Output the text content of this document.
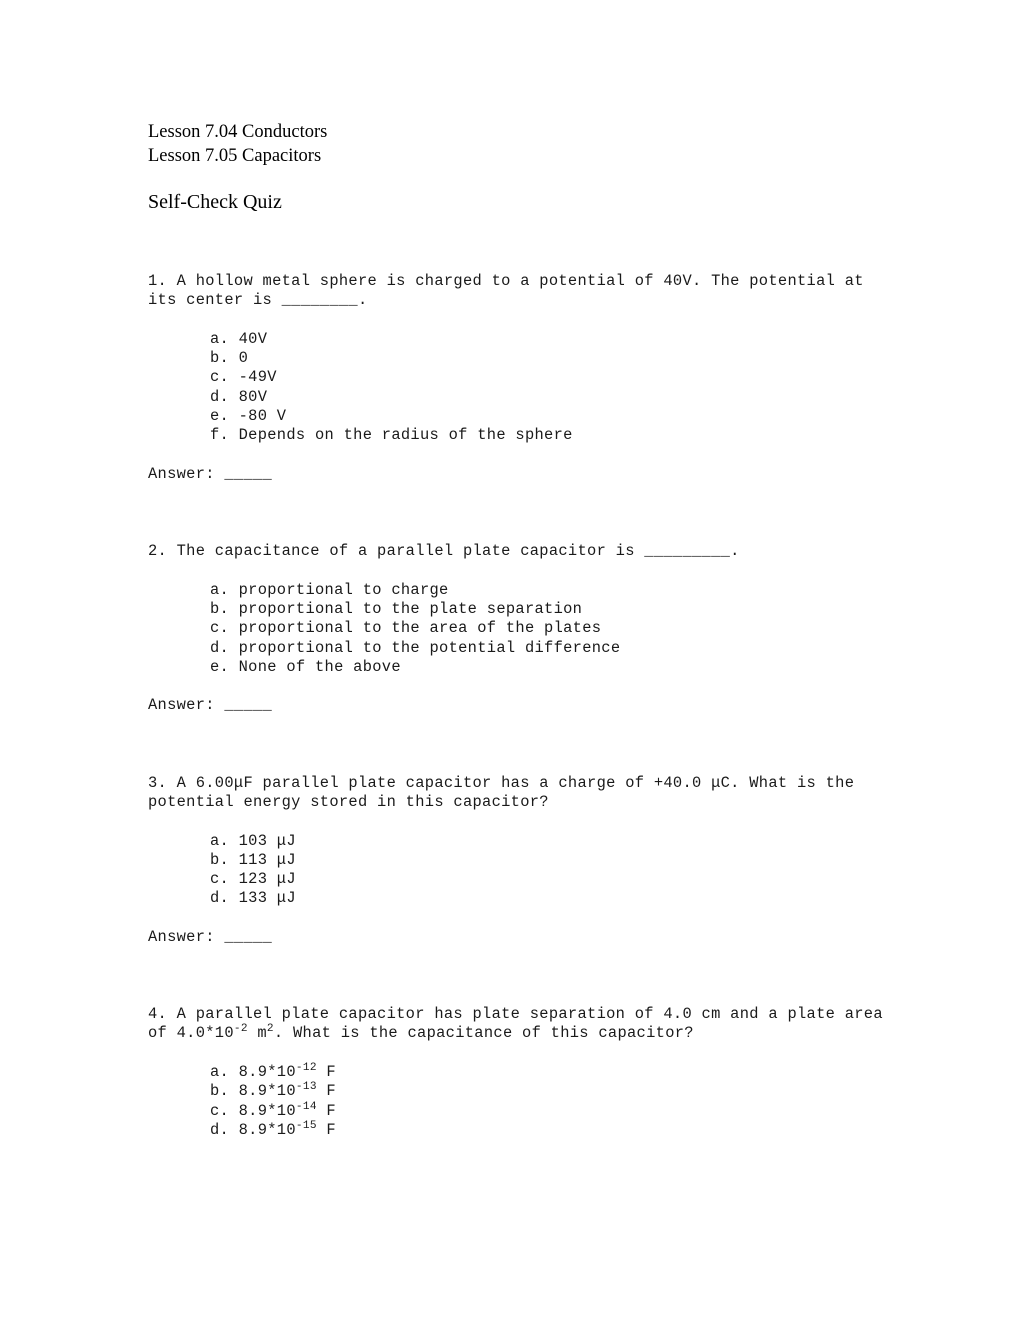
Lesson 7.04 Conductors
Lesson 7.05 Capacitors
Self-Check Quiz

1. A hollow metal sphere is charged to a potential of 40V. The potential at its center is ________.

a. 40V
b. 0
c. -49V
d. 80V
e. -80 V
f. Depends on the radius of the sphere

Answer: _____

2. The capacitance of a parallel plate capacitor is _________.

a. proportional to charge
b. proportional to the plate separation
c. proportional to the area of the plates
d. proportional to the potential difference
e. None of the above

Answer: _____

3. A 6.00μF parallel plate capacitor has a charge of +40.0 μC. What is the potential energy stored in this capacitor?

a. 103 μJ
b. 113 μJ
c. 123 μJ
d. 133 μJ

Answer: _____

4. A parallel plate capacitor has plate separation of 4.0 cm and a plate area of $4.0*10^{-2}$ $m^2$. What is the capacitance of this capacitor?

a. $8.9*10^{-12}$ F
b. $8.9*10^{-13}$ F
c. $8.9*10^{-14}$ F
d. $8.9*10^{-15}$ F
